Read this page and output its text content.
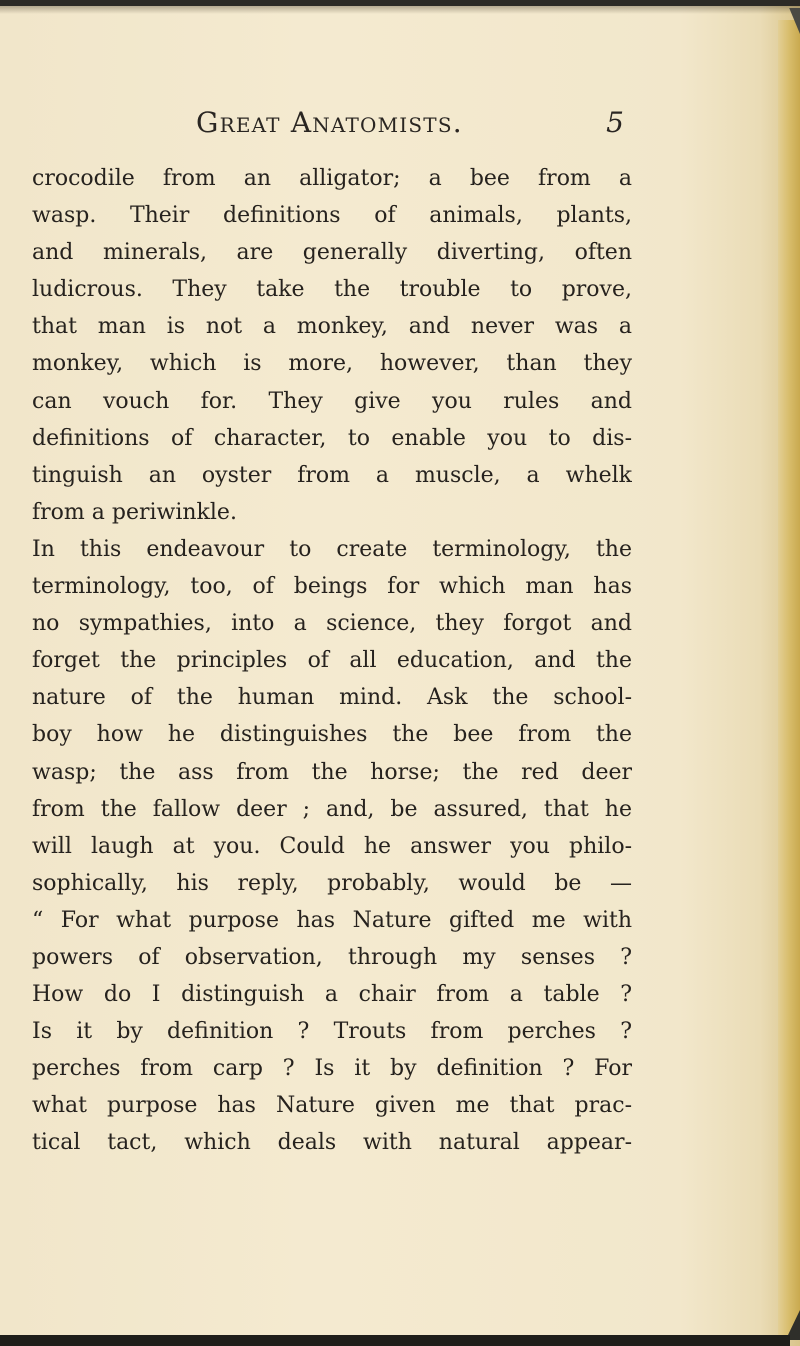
Great Anatomists.	5
crocodile from an alligator; a bee from a
wasp. Their definitions of animals, plants,
and minerals, are generally diverting, often
ludicrous. They take the trouble to prove,
that man is not a monkey, and never was a
monkey, which is more, however, than they
can vouch for. They give you rules and
definitions of character, to enable you to dis-
tinguish an oyster from a muscle, a whelk
from a periwinkle.
In this endeavour to create terminology, the
terminology, too, of beings for which man has
no sympathies, into a science, they forgot and
forget the principles of all education, and the
nature of the human mind. Ask the school-
boy how he distinguishes the bee from the
wasp; the ass from the horse; the red deer
from the fallow deer ; and, be assured, that he
will laugh at you. Could he answer you philo-
sophically, his reply, probably, would be —
“ For what purpose has Nature gifted me with
powers of observation, through my senses ?
How do I distinguish a chair from a table ?
Is it by definition ? Trouts from perches ?
perches from carp ? Is it by definition ? For
what purpose has Nature given me that prac-
tical tact, which deals with natural appear-
